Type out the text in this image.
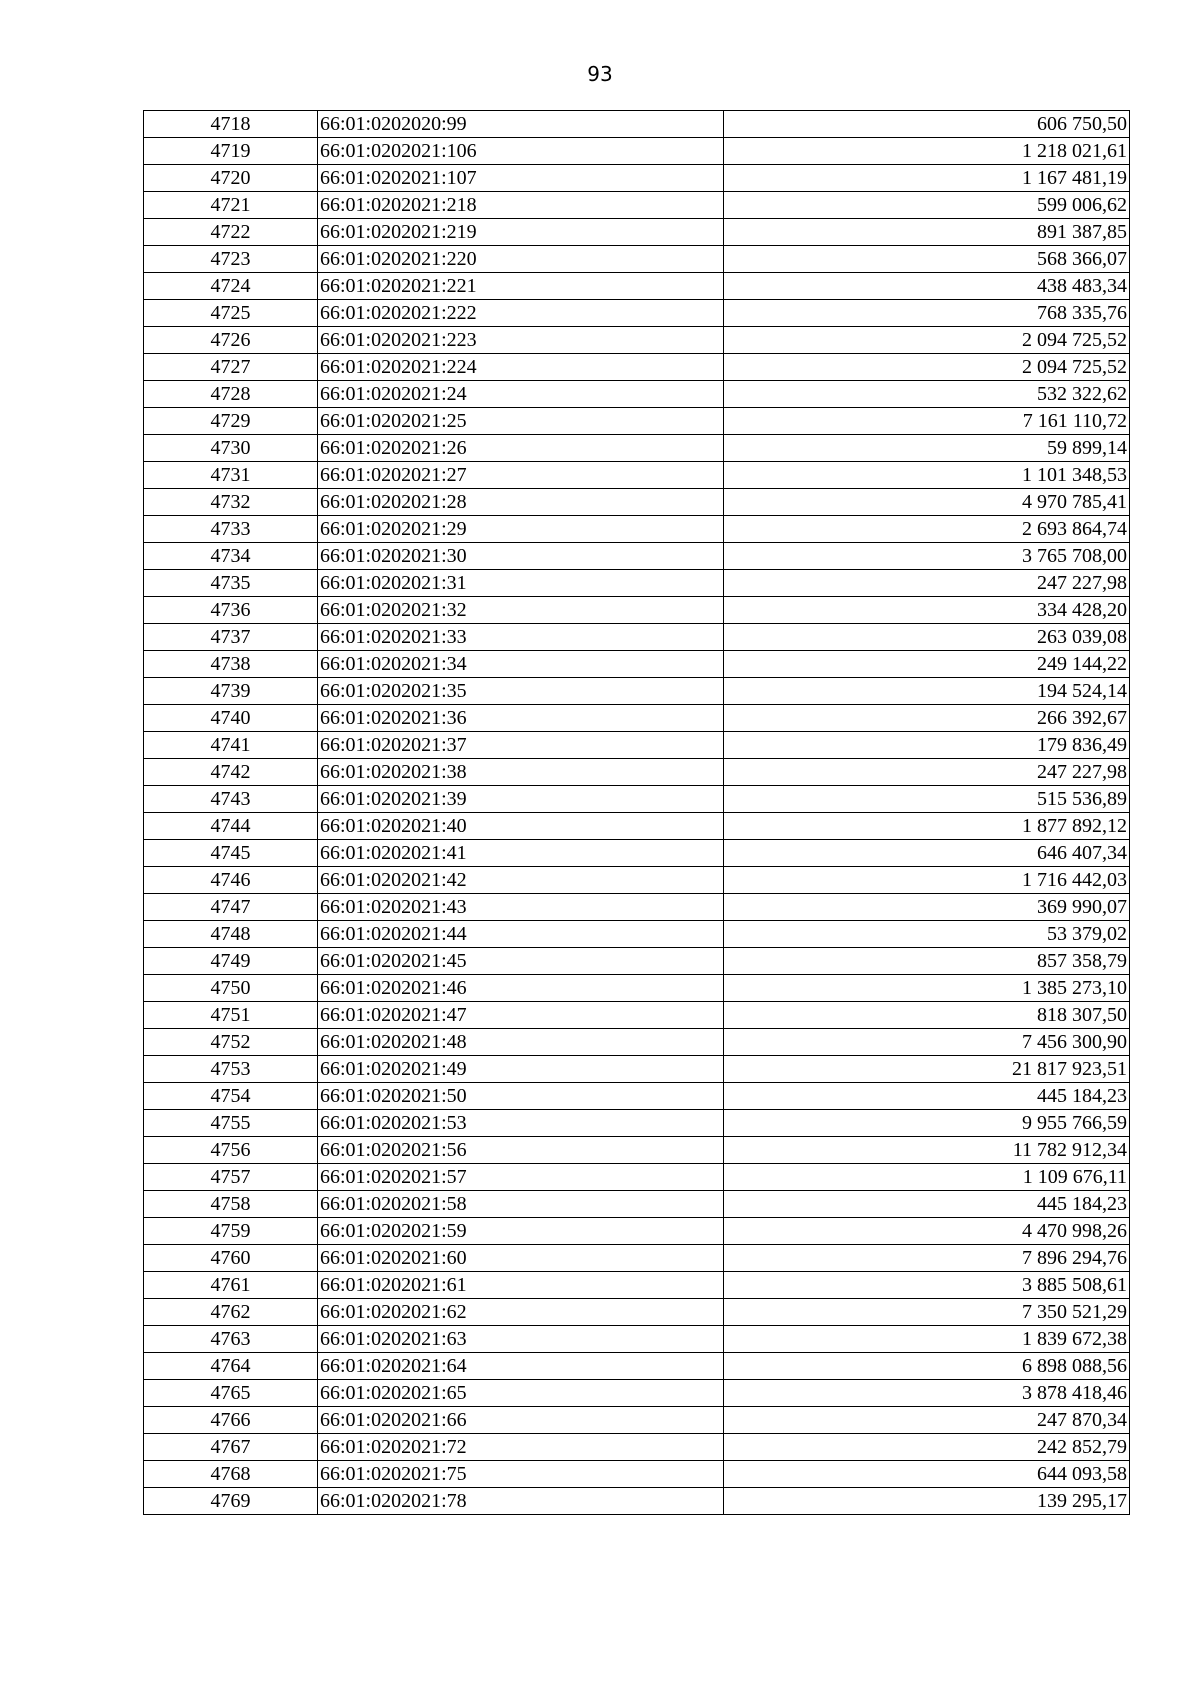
93
4718	66:01:0202020:99	606 750,50
4719	66:01:0202021:106	1 218 021,61
4720	66:01:0202021:107	1 167 481,19
4721	66:01:0202021:218	599 006,62
4722	66:01:0202021:219	891 387,85
4723	66:01:0202021:220	568 366,07
4724	66:01:0202021:221	438 483,34
4725	66:01:0202021:222	768 335,76
4726	66:01:0202021:223	2 094 725,52
4727	66:01:0202021:224	2 094 725,52
4728	66:01:0202021:24	532 322,62
4729	66:01:0202021:25	7 161 110,72
4730	66:01:0202021:26	59 899,14
4731	66:01:0202021:27	1 101 348,53
4732	66:01:0202021:28	4 970 785,41
4733	66:01:0202021:29	2 693 864,74
4734	66:01:0202021:30	3 765 708,00
4735	66:01:0202021:31	247 227,98
4736	66:01:0202021:32	334 428,20
4737	66:01:0202021:33	263 039,08
4738	66:01:0202021:34	249 144,22
4739	66:01:0202021:35	194 524,14
4740	66:01:0202021:36	266 392,67
4741	66:01:0202021:37	179 836,49
4742	66:01:0202021:38	247 227,98
4743	66:01:0202021:39	515 536,89
4744	66:01:0202021:40	1 877 892,12
4745	66:01:0202021:41	646 407,34
4746	66:01:0202021:42	1 716 442,03
4747	66:01:0202021:43	369 990,07
4748	66:01:0202021:44	53 379,02
4749	66:01:0202021:45	857 358,79
4750	66:01:0202021:46	1 385 273,10
4751	66:01:0202021:47	818 307,50
4752	66:01:0202021:48	7 456 300,90
4753	66:01:0202021:49	21 817 923,51
4754	66:01:0202021:50	445 184,23
4755	66:01:0202021:53	9 955 766,59
4756	66:01:0202021:56	11 782 912,34
4757	66:01:0202021:57	1 109 676,11
4758	66:01:0202021:58	445 184,23
4759	66:01:0202021:59	4 470 998,26
4760	66:01:0202021:60	7 896 294,76
4761	66:01:0202021:61	3 885 508,61
4762	66:01:0202021:62	7 350 521,29
4763	66:01:0202021:63	1 839 672,38
4764	66:01:0202021:64	6 898 088,56
4765	66:01:0202021:65	3 878 418,46
4766	66:01:0202021:66	247 870,34
4767	66:01:0202021:72	242 852,79
4768	66:01:0202021:75	644 093,58
4769	66:01:0202021:78	139 295,17
